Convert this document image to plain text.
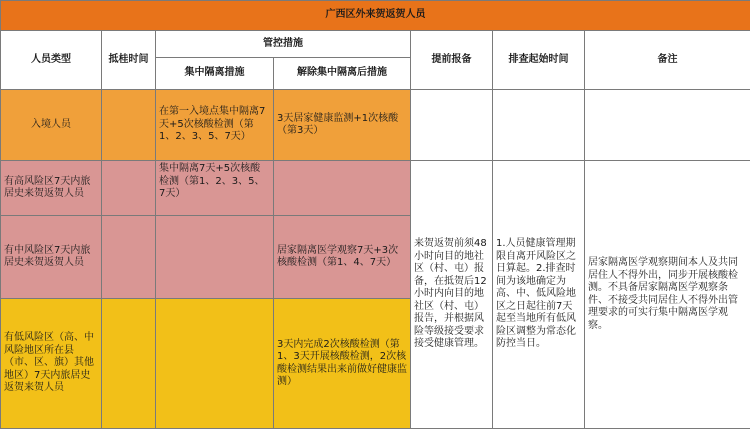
广西区外来贺返贺人员						
人员类型	抵桂时间	管控措施		提前报备	排查起始时间	备注
		集中隔离措施	解除集中隔离后措施			
入境人员		在第一入境点集中隔离7天+5次核酸检测（第1、2、3、5、7天）	3天居家健康监测+1次核酸（第3天）			
有高风险区7天内旅居史来贺返贺人员		集中隔离7天+5次核酸检测（第1、2、3、5、7天）		来贺返贺前须48小时向目的地社区（村、屯）报备，在抵贺后12小时内向目的地社区（村、屯）报告，并根据风险等级接受要求接受健康管理。	1.人员健康管理期限自离开风险区之日算起。2.排查时间为该地确定为高、中、低风险地区之日起往前7天起至当地所有低风险区调整为常态化防控当日。	居家隔离医学观察期间本人及共同居住人不得外出，同步开展核酸检测。不具备居家隔离医学观察条件、不接受共同居住人不得外出管理要求的可实行集中隔离医学观察。
有中风险区7天内旅居史来贺返贺人员			居家隔离医学观察7天+3次核酸检测（第1、4、7天）			
有低风险区（高、中风险地区所在县（市、区、旗）其他地区）7天内旅居史返贺来贺人员			3天内完成2次核酸检测（第1、3天开展核酸检测，2次核酸检测结果出来前做好健康监测）			
